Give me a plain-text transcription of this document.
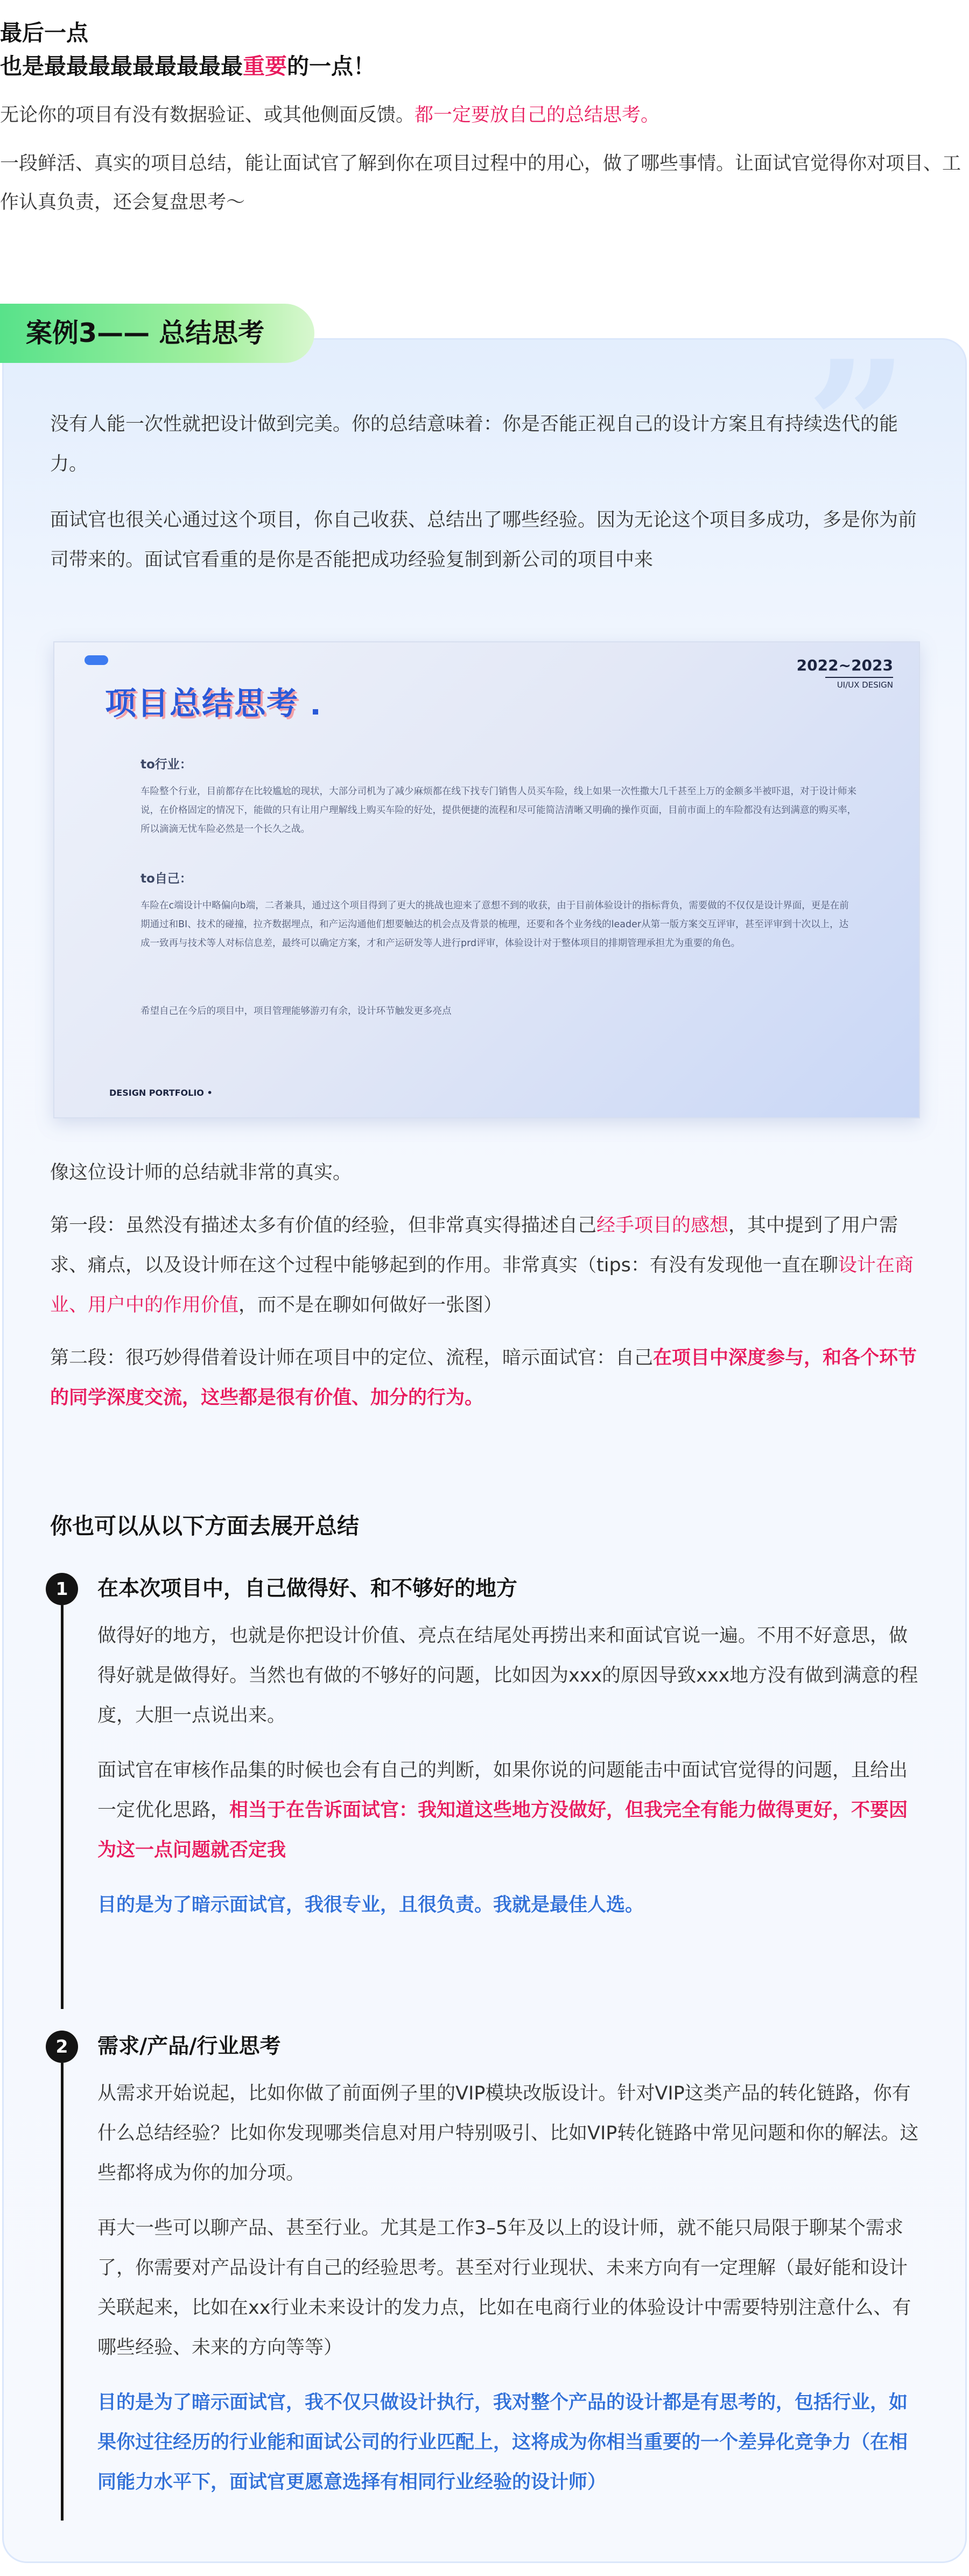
最后一点
也是最最最最最最最最最重要的一点！

无论你的项目有没有数据验证、或其他侧面反馈。都一定要放自己的总结思考。

一段鲜活、真实的项目总结，能让面试官了解到你在项目过程中的用心，做了哪些事情。让面试官觉得你对项目、工作认真负责，还会复盘思考～

”

没有人能一次性就把设计做到完美。你的总结意味着：你是否能正视自己的设计方案且有持续迭代的能力。

面试官也很关心通过这个项目，你自己收获、总结出了哪些经验。因为无论这个项目多成功，多是你为前司带来的。面试官看重的是你是否能把成功经验复制到新公司的项目中来

2022~2023
UI/UX DESIGN
项目总结思考
to行业：
车险整个行业，目前都存在比较尴尬的现状，大部分司机为了减少麻烦都在线下找专门销售人员买车险，线上如果一次性撒大几千甚至上万的金额多半被吓退，对于设计师来说，在价格固定的情况下，能做的只有让用户理解线上购买车险的好处，提供便捷的流程和尽可能简洁清晰又明确的操作页面，目前市面上的车险都没有达到满意的购买率，所以滴滴无忧车险必然是一个长久之战。
to自己：
车险在c端设计中略偏向b端，二者兼具，通过这个项目得到了更大的挑战也迎来了意想不到的收获，由于目前体验设计的指标背负，需要做的不仅仅是设计界面，更是在前期通过和BI、技术的碰撞，拉齐数据埋点，和产运沟通他们想要触达的机会点及背景的梳理，还要和各个业务线的leader从第一版方案交互评审，甚至评审到十次以上，达成一致再与技术等人对标信息差，最终可以确定方案，才和产运研发等人进行prd评审，体验设计对于整体项目的排期管理承担尤为重要的角色。
希望自己在今后的项目中，项目管理能够游刃有余，设计环节触发更多亮点
DESIGN PORTFOLIO •

像这位设计师的总结就非常的真实。

第一段：虽然没有描述太多有价值的经验，但非常真实得描述自己经手项目的感想，其中提到了用户需求、痛点，以及设计师在这个过程中能够起到的作用。非常真实（tips：有没有发现他一直在聊设计在商业、用户中的作用价值，而不是在聊如何做好一张图）

第二段：很巧妙得借着设计师在项目中的定位、流程，暗示面试官：自己在项目中深度参与，和各个环节的同学深度交流，这些都是很有价值、加分的行为。

你也可以从以下方面去展开总结
1	在本次项目中，自己做得好、和不够好的地方

做得好的地方，也就是你把设计价值、亮点在结尾处再捞出来和面试官说一遍。不用不好意思，做得好就是做得好。当然也有做的不够好的问题，比如因为xxx的原因导致xxx地方没有做到满意的程度，大胆一点说出来。

面试官在审核作品集的时候也会有自己的判断，如果你说的问题能击中面试官觉得的问题，且给出一定优化思路，相当于在告诉面试官：我知道这些地方没做好，但我完全有能力做得更好，不要因为这一点问题就否定我

目的是为了暗示面试官，我很专业，且很负责。我就是最佳人选。

2	需求/产品/行业思考

从需求开始说起，比如你做了前面例子里的VIP模块改版设计。针对VIP这类产品的转化链路，你有什么总结经验？比如你发现哪类信息对用户特别吸引、比如VIP转化链路中常见问题和你的解法。这些都将成为你的加分项。

再大一些可以聊产品、甚至行业。尤其是工作3–5年及以上的设计师，就不能只局限于聊某个需求了，你需要对产品设计有自己的经验思考。甚至对行业现状、未来方向有一定理解（最好能和设计关联起来，比如在xx行业未来设计的发力点，比如在电商行业的体验设计中需要特别注意什么、有哪些经验、未来的方向等等）

目的是为了暗示面试官，我不仅只做设计执行，我对整个产品的设计都是有思考的，包括行业，如果你过往经历的行业能和面试公司的行业匹配上，这将成为你相当重要的一个差异化竞争力（在相同能力水平下，面试官更愿意选择有相同行业经验的设计师）

案例3—— 总结思考
